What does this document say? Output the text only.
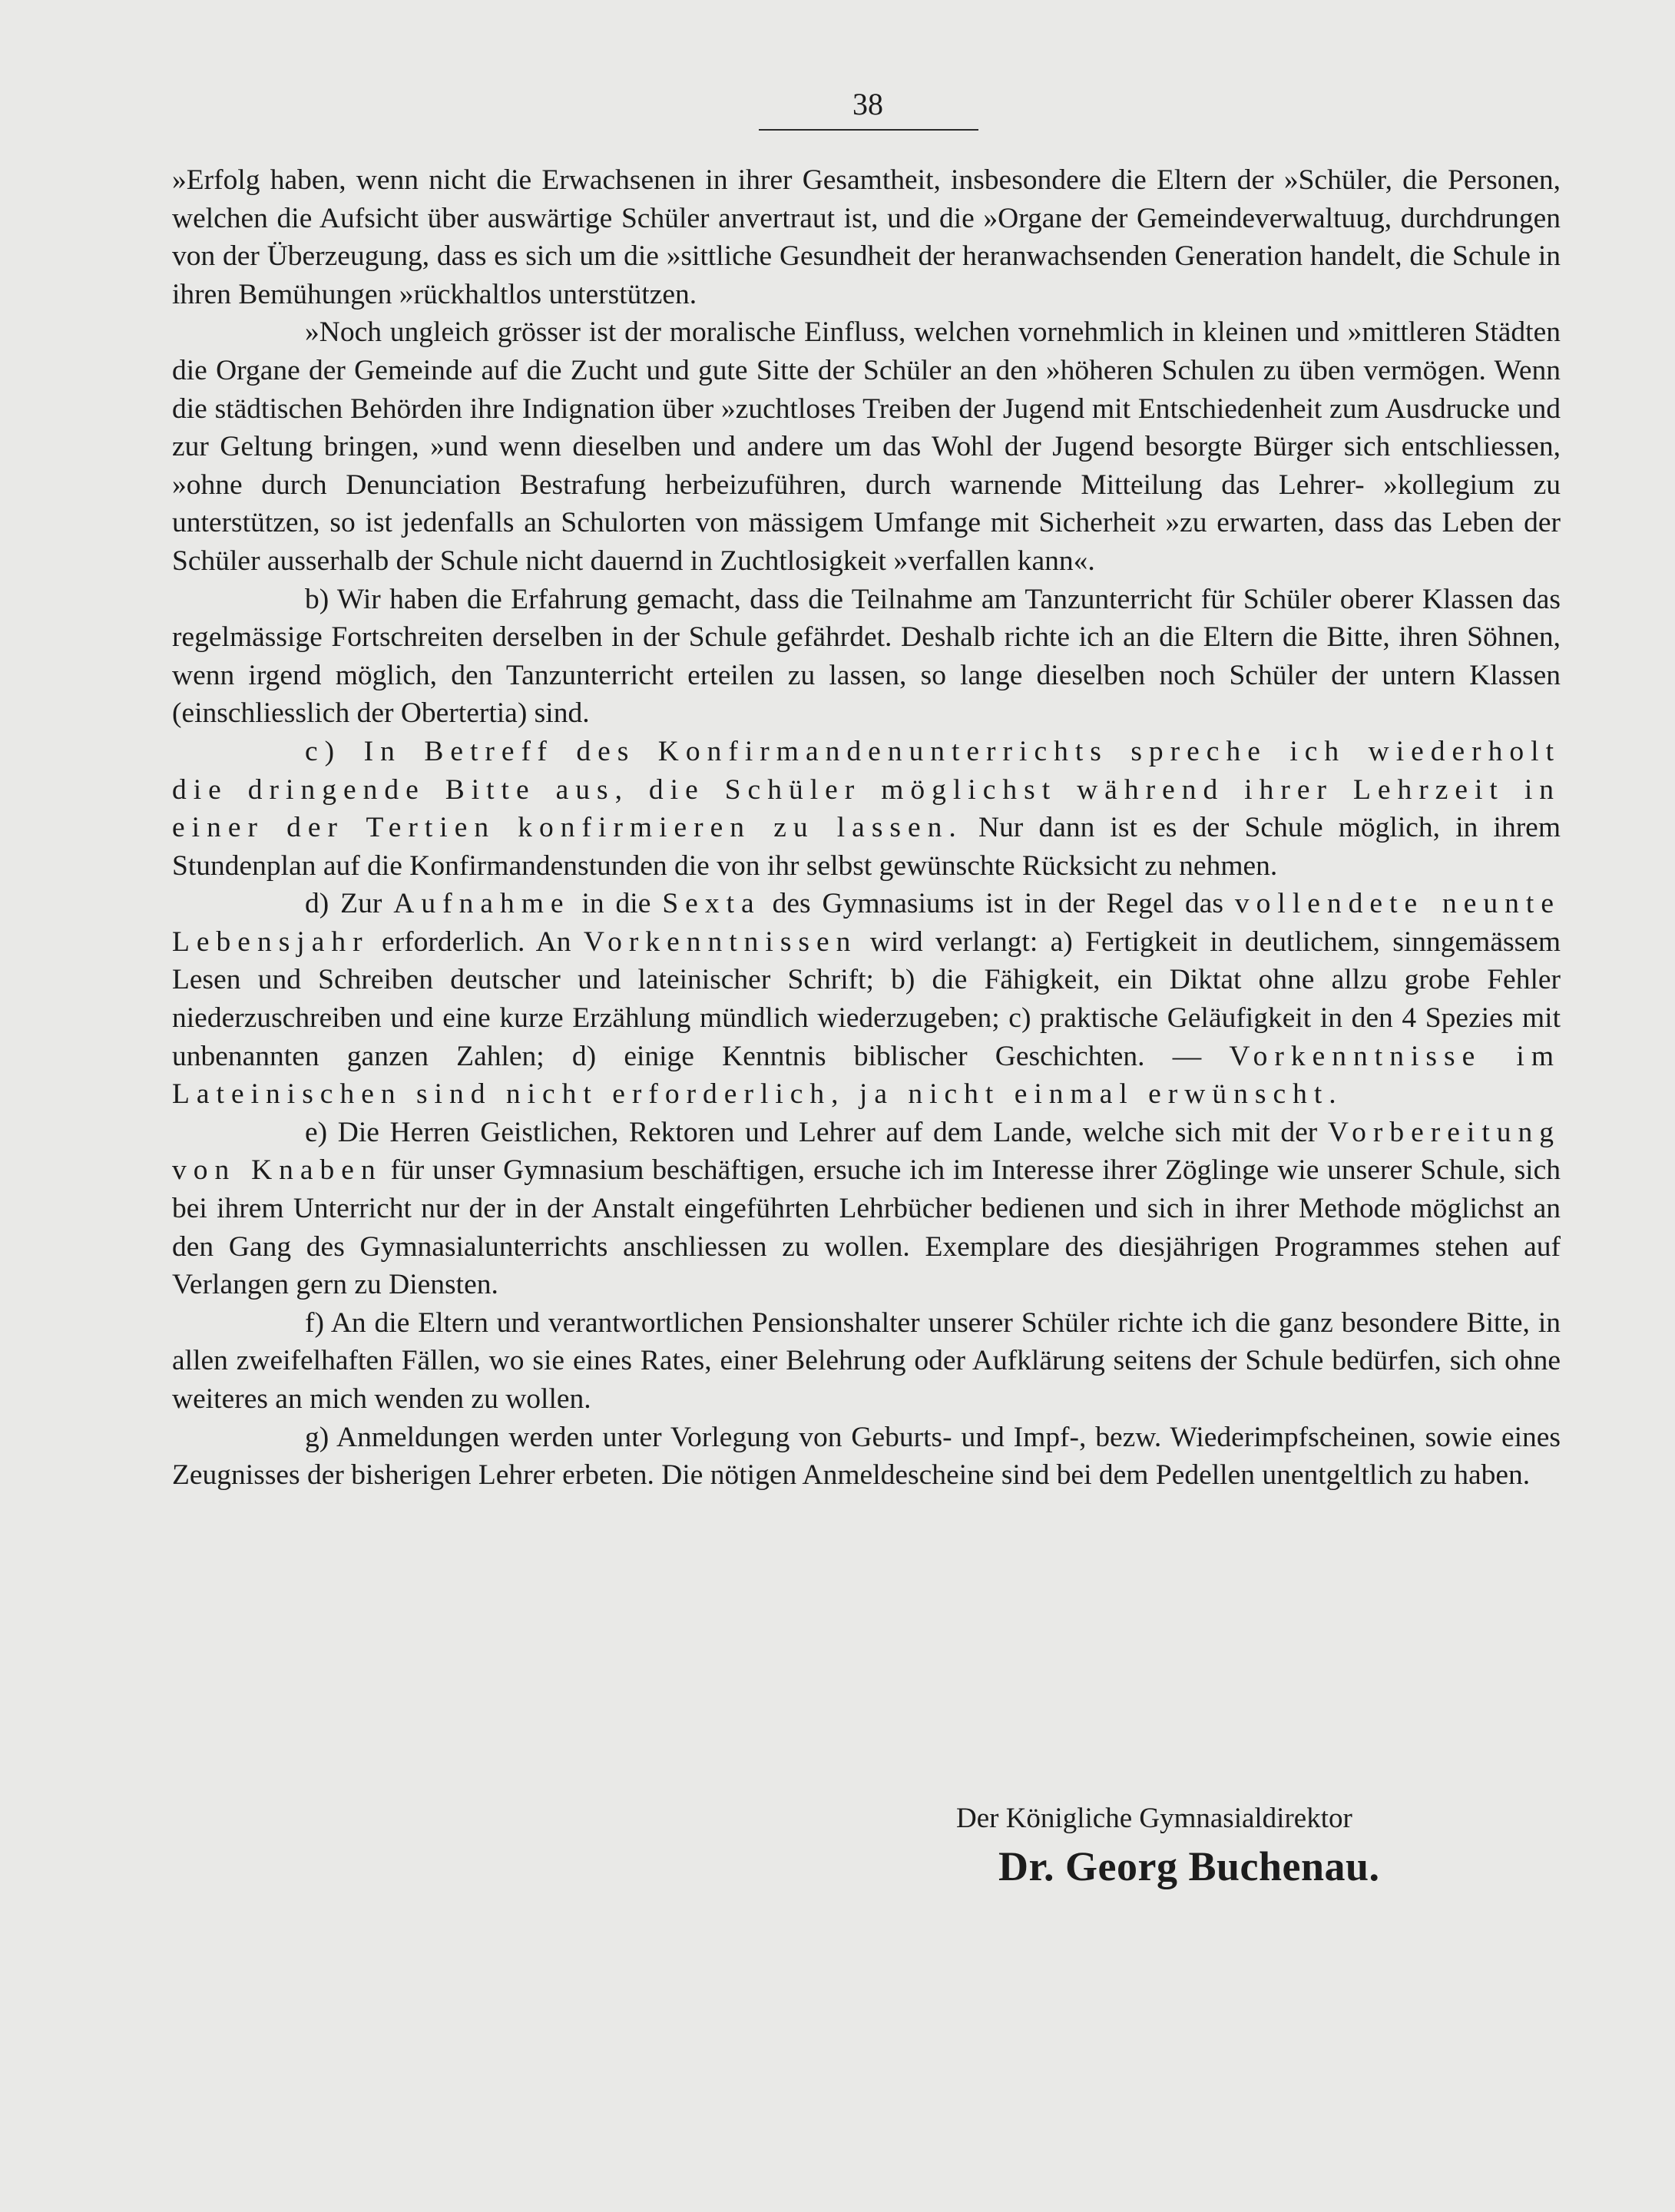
38

»Erfolg haben, wenn nicht die Erwachsenen in ihrer Gesamtheit, insbesondere die Eltern der »Schüler, die Personen, welchen die Aufsicht über auswärtige Schüler anvertraut ist, und die »Organe der Gemeindeverwaltuug, durchdrungen von der Überzeugung, dass es sich um die »sittliche Gesundheit der heranwachsenden Generation handelt, die Schule in ihren Bemühungen »rückhaltlos unterstützen.

»Noch ungleich grösser ist der moralische Einfluss, welchen vornehmlich in kleinen und »mittleren Städten die Organe der Gemeinde auf die Zucht und gute Sitte der Schüler an den »höheren Schulen zu üben vermögen. Wenn die städtischen Behörden ihre Indignation über »zuchtloses Treiben der Jugend mit Entschiedenheit zum Ausdrucke und zur Geltung bringen, »und wenn dieselben und andere um das Wohl der Jugend besorgte Bürger sich entschliessen, »ohne durch Denunciation Bestrafung herbeizuführen, durch warnende Mitteilung das Lehrer- »kollegium zu unterstützen, so ist jedenfalls an Schulorten von mässigem Umfange mit Sicherheit »zu erwarten, dass das Leben der Schüler ausserhalb der Schule nicht dauernd in Zuchtlosigkeit »verfallen kann«.

b) Wir haben die Erfahrung gemacht, dass die Teilnahme am Tanzunterricht für Schüler oberer Klassen das regelmässige Fortschreiten derselben in der Schule gefährdet. Deshalb richte ich an die Eltern die Bitte, ihren Söhnen, wenn irgend möglich, den Tanzunterricht erteilen zu lassen, so lange dieselben noch Schüler der untern Klassen (einschliesslich der Obertertia) sind.

c) In Betreff des Konfirmandenunterrichts spreche ich wiederholt die dringende Bitte aus, die Schüler möglichst während ihrer Lehrzeit in einer der Tertien konfirmieren zu lassen. Nur dann ist es der Schule möglich, in ihrem Stundenplan auf die Konfirmandenstunden die von ihr selbst gewünschte Rücksicht zu nehmen.

d) Zur Aufnahme in die Sexta des Gymnasiums ist in der Regel das vollendete neunte Lebensjahr erforderlich. An Vorkenntnissen wird verlangt: a) Fertigkeit in deutlichem, sinngemässem Lesen und Schreiben deutscher und lateinischer Schrift; b) die Fähigkeit, ein Diktat ohne allzu grobe Fehler niederzuschreiben und eine kurze Erzählung mündlich wiederzugeben; c) praktische Geläufigkeit in den 4 Spezies mit unbenannten ganzen Zahlen; d) einige Kenntnis biblischer Geschichten. — Vorkenntnisse im Lateinischen sind nicht erforderlich, ja nicht einmal erwünscht.

e) Die Herren Geistlichen, Rektoren und Lehrer auf dem Lande, welche sich mit der Vorbereitung von Knaben für unser Gymnasium beschäftigen, ersuche ich im Interesse ihrer Zöglinge wie unserer Schule, sich bei ihrem Unterricht nur der in der Anstalt eingeführten Lehrbücher bedienen und sich in ihrer Methode möglichst an den Gang des Gymnasialunterrichts anschliessen zu wollen. Exemplare des diesjährigen Programmes stehen auf Verlangen gern zu Diensten.

f) An die Eltern und verantwortlichen Pensionshalter unserer Schüler richte ich die ganz besondere Bitte, in allen zweifelhaften Fällen, wo sie eines Rates, einer Belehrung oder Aufklärung seitens der Schule bedürfen, sich ohne weiteres an mich wenden zu wollen.

g) Anmeldungen werden unter Vorlegung von Geburts- und Impf-, bezw. Wiederimpfscheinen, sowie eines Zeugnisses der bisherigen Lehrer erbeten. Die nötigen Anmeldescheine sind bei dem Pedellen unentgeltlich zu haben.

Der Königliche Gymnasialdirektor
Dr. Georg Buchenau.
